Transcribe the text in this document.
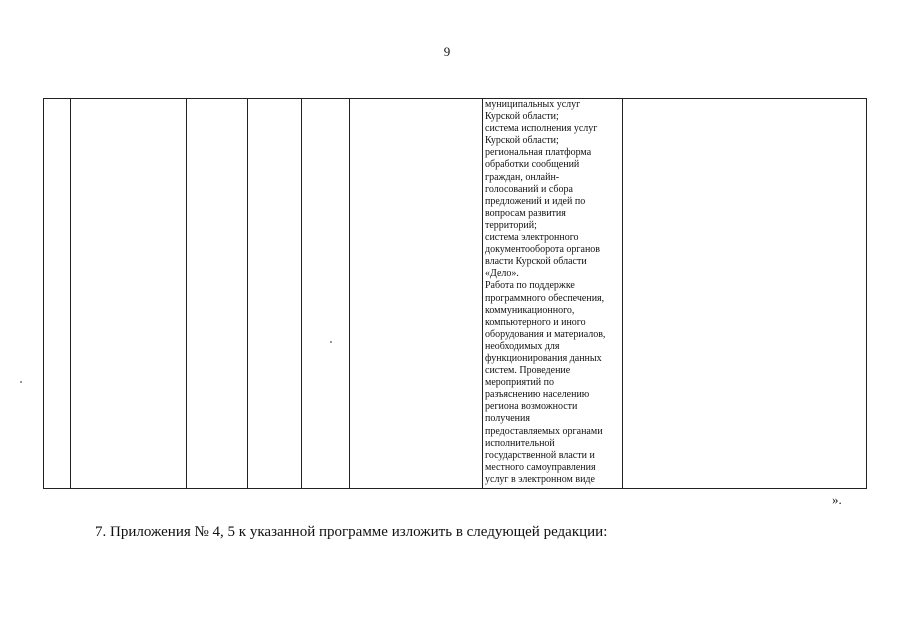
9
муниципальных услуг
Курской области;
система исполнения услуг
Курской области;
региональная платформа
обработки сообщений
граждан, онлайн-
голосований и сбора
предложений и идей по
вопросам развития
территорий;
система электронного
документооборота органов
власти Курской области
«Дело».
Работа по поддержке
программного обеспечения,
коммуникационного,
компьютерного и иного
оборудования и материалов,
необходимых для
функционирования данных
систем. Проведение
мероприятий по
разъяснению населению
региона возможности
получения
предоставляемых органами
исполнительной
государственной власти и
местного самоуправления
услуг в электронном виде
».
7. Приложения № 4, 5 к указанной программе изложить в следующей редакции:
